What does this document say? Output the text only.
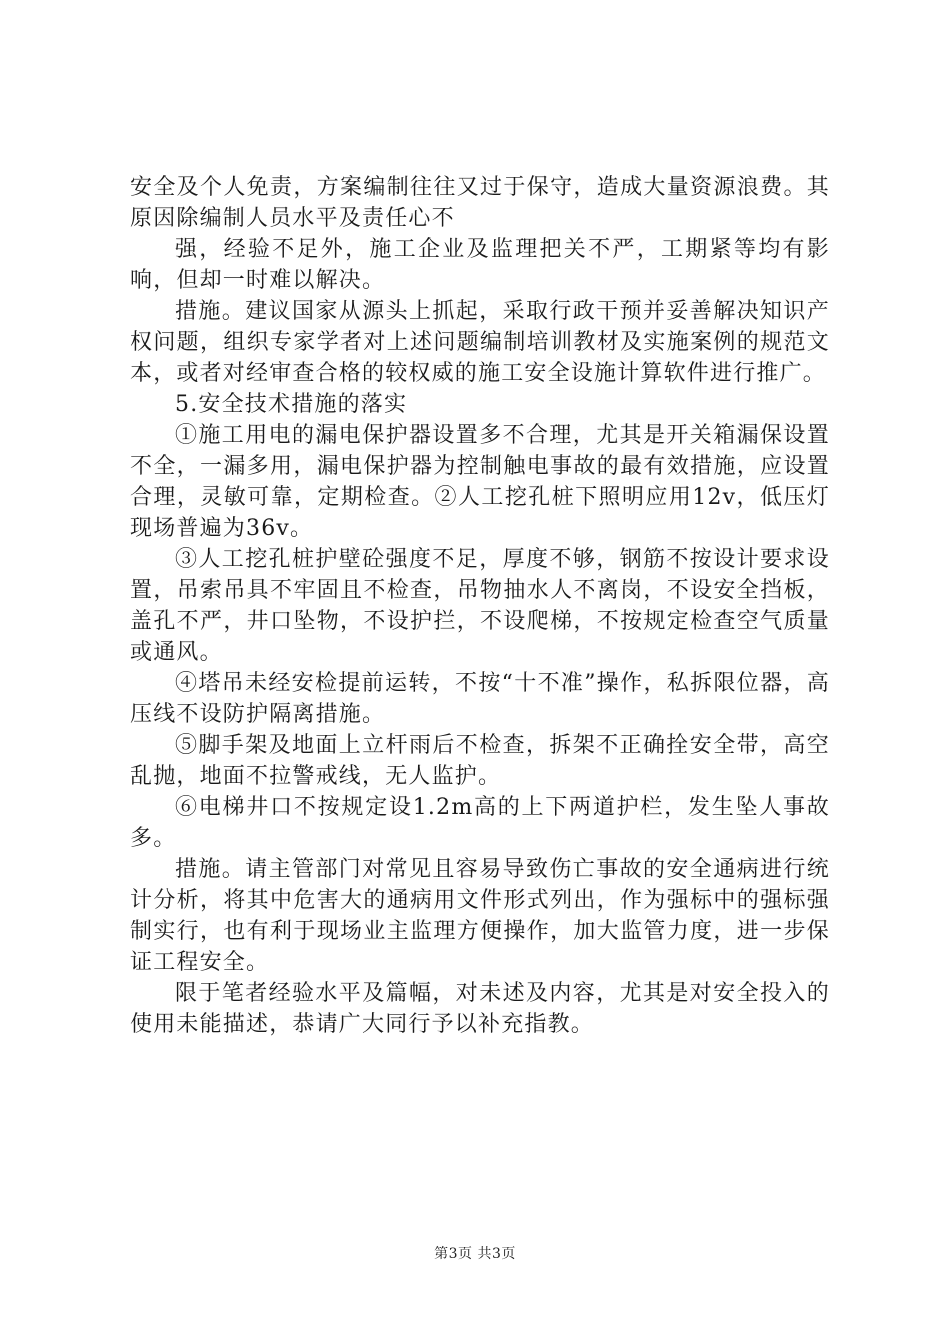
安全及个人免责，方案编制往往又过于保守，造成大量资源浪费。其原因除编制人员水平及责任心不

强，经验不足外，施工企业及监理把关不严，工期紧等均有影响，但却一时难以解决。

措施。建议国家从源头上抓起，采取行政干预并妥善解决知识产权问题，组织专家学者对上述问题编制培训教材及实施案例的规范文本，或者对经审查合格的较权威的施工安全设施计算软件进行推广。

5.安全技术措施的落实

①施工用电的漏电保护器设置多不合理，尤其是开关箱漏保设置不全，一漏多用，漏电保护器为控制触电事故的最有效措施，应设置合理，灵敏可靠，定期检查。②人工挖孔桩下照明应用12v，低压灯现场普遍为36v。

③人工挖孔桩护壁砼强度不足，厚度不够，钢筋不按设计要求设置，吊索吊具不牢固且不检查，吊物抽水人不离岗，不设安全挡板，盖孔不严，井口坠物，不设护拦，不设爬梯，不按规定检查空气质量或通风。

④塔吊未经安检提前运转，不按“十不准”操作，私拆限位器，高压线不设防护隔离措施。

⑤脚手架及地面上立杆雨后不检查，拆架不正确拴安全带，高空乱抛，地面不拉警戒线，无人监护。

⑥电梯井口不按规定设1.2m高的上下两道护栏，发生坠人事故多。

措施。请主管部门对常见且容易导致伤亡事故的安全通病进行统计分析，将其中危害大的通病用文件形式列出，作为强标中的强标强制实行，也有利于现场业主监理方便操作，加大监管力度，进一步保证工程安全。

限于笔者经验水平及篇幅，对未述及内容，尤其是对安全投入的使用未能描述，恭请广大同行予以补充指教。

第3页 共3页
